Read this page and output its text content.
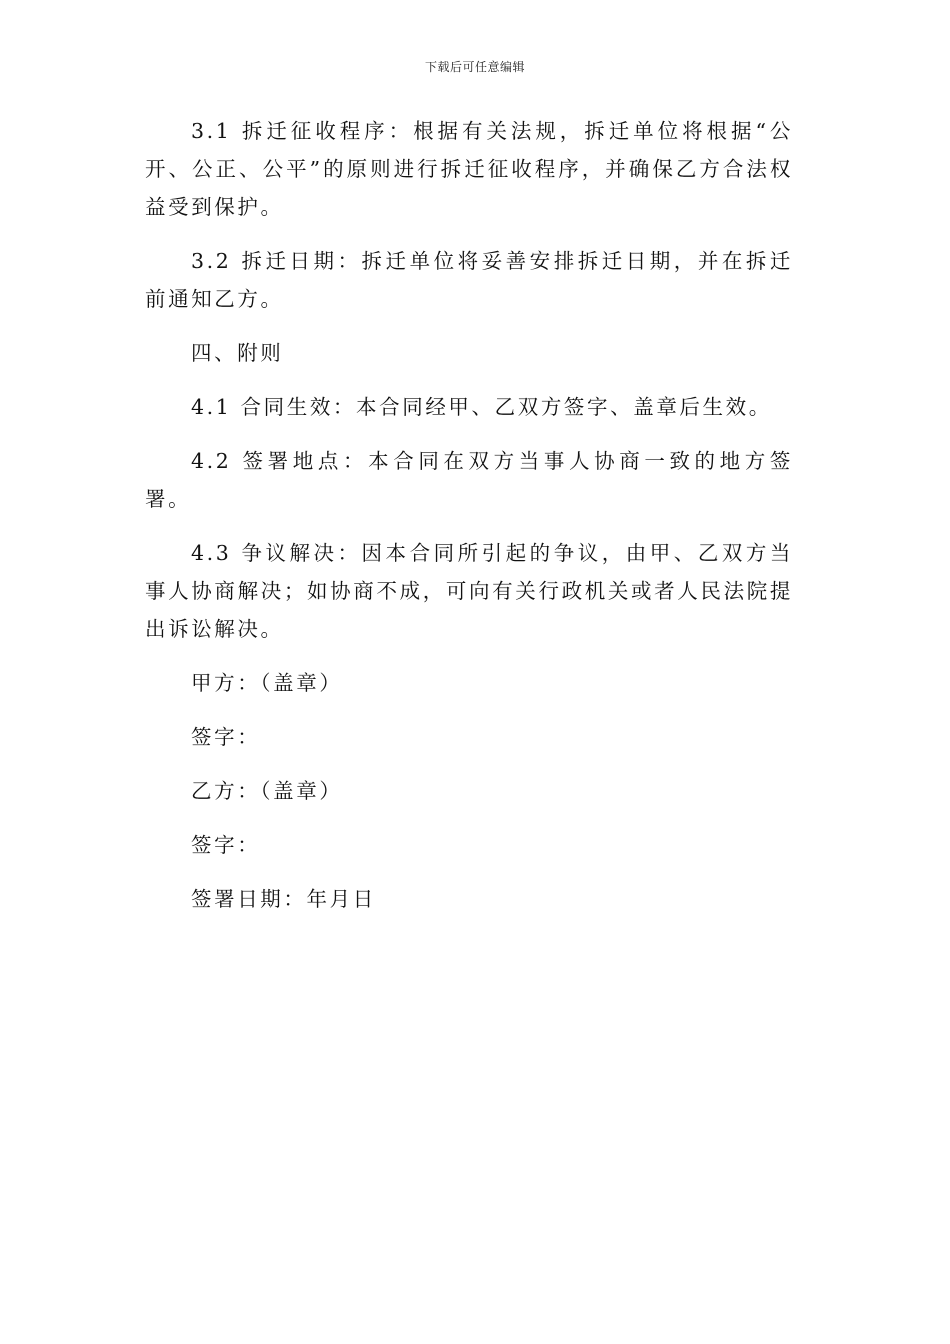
下载后可任意编辑

3.1 拆迁征收程序：根据有关法规，拆迁单位将根据“公开、公正、公平”的原则进行拆迁征收程序，并确保乙方合法权益受到保护。

3.2 拆迁日期：拆迁单位将妥善安排拆迁日期，并在拆迁前通知乙方。

四、附则

4.1 合同生效：本合同经甲、乙双方签字、盖章后生效。

4.2 签署地点：本合同在双方当事人协商一致的地方签署。

4.3 争议解决：因本合同所引起的争议，由甲、乙双方当事人协商解决；如协商不成，可向有关行政机关或者人民法院提出诉讼解决。

甲方：（盖章）

签字：

乙方：（盖章）

签字：

签署日期：年月日
